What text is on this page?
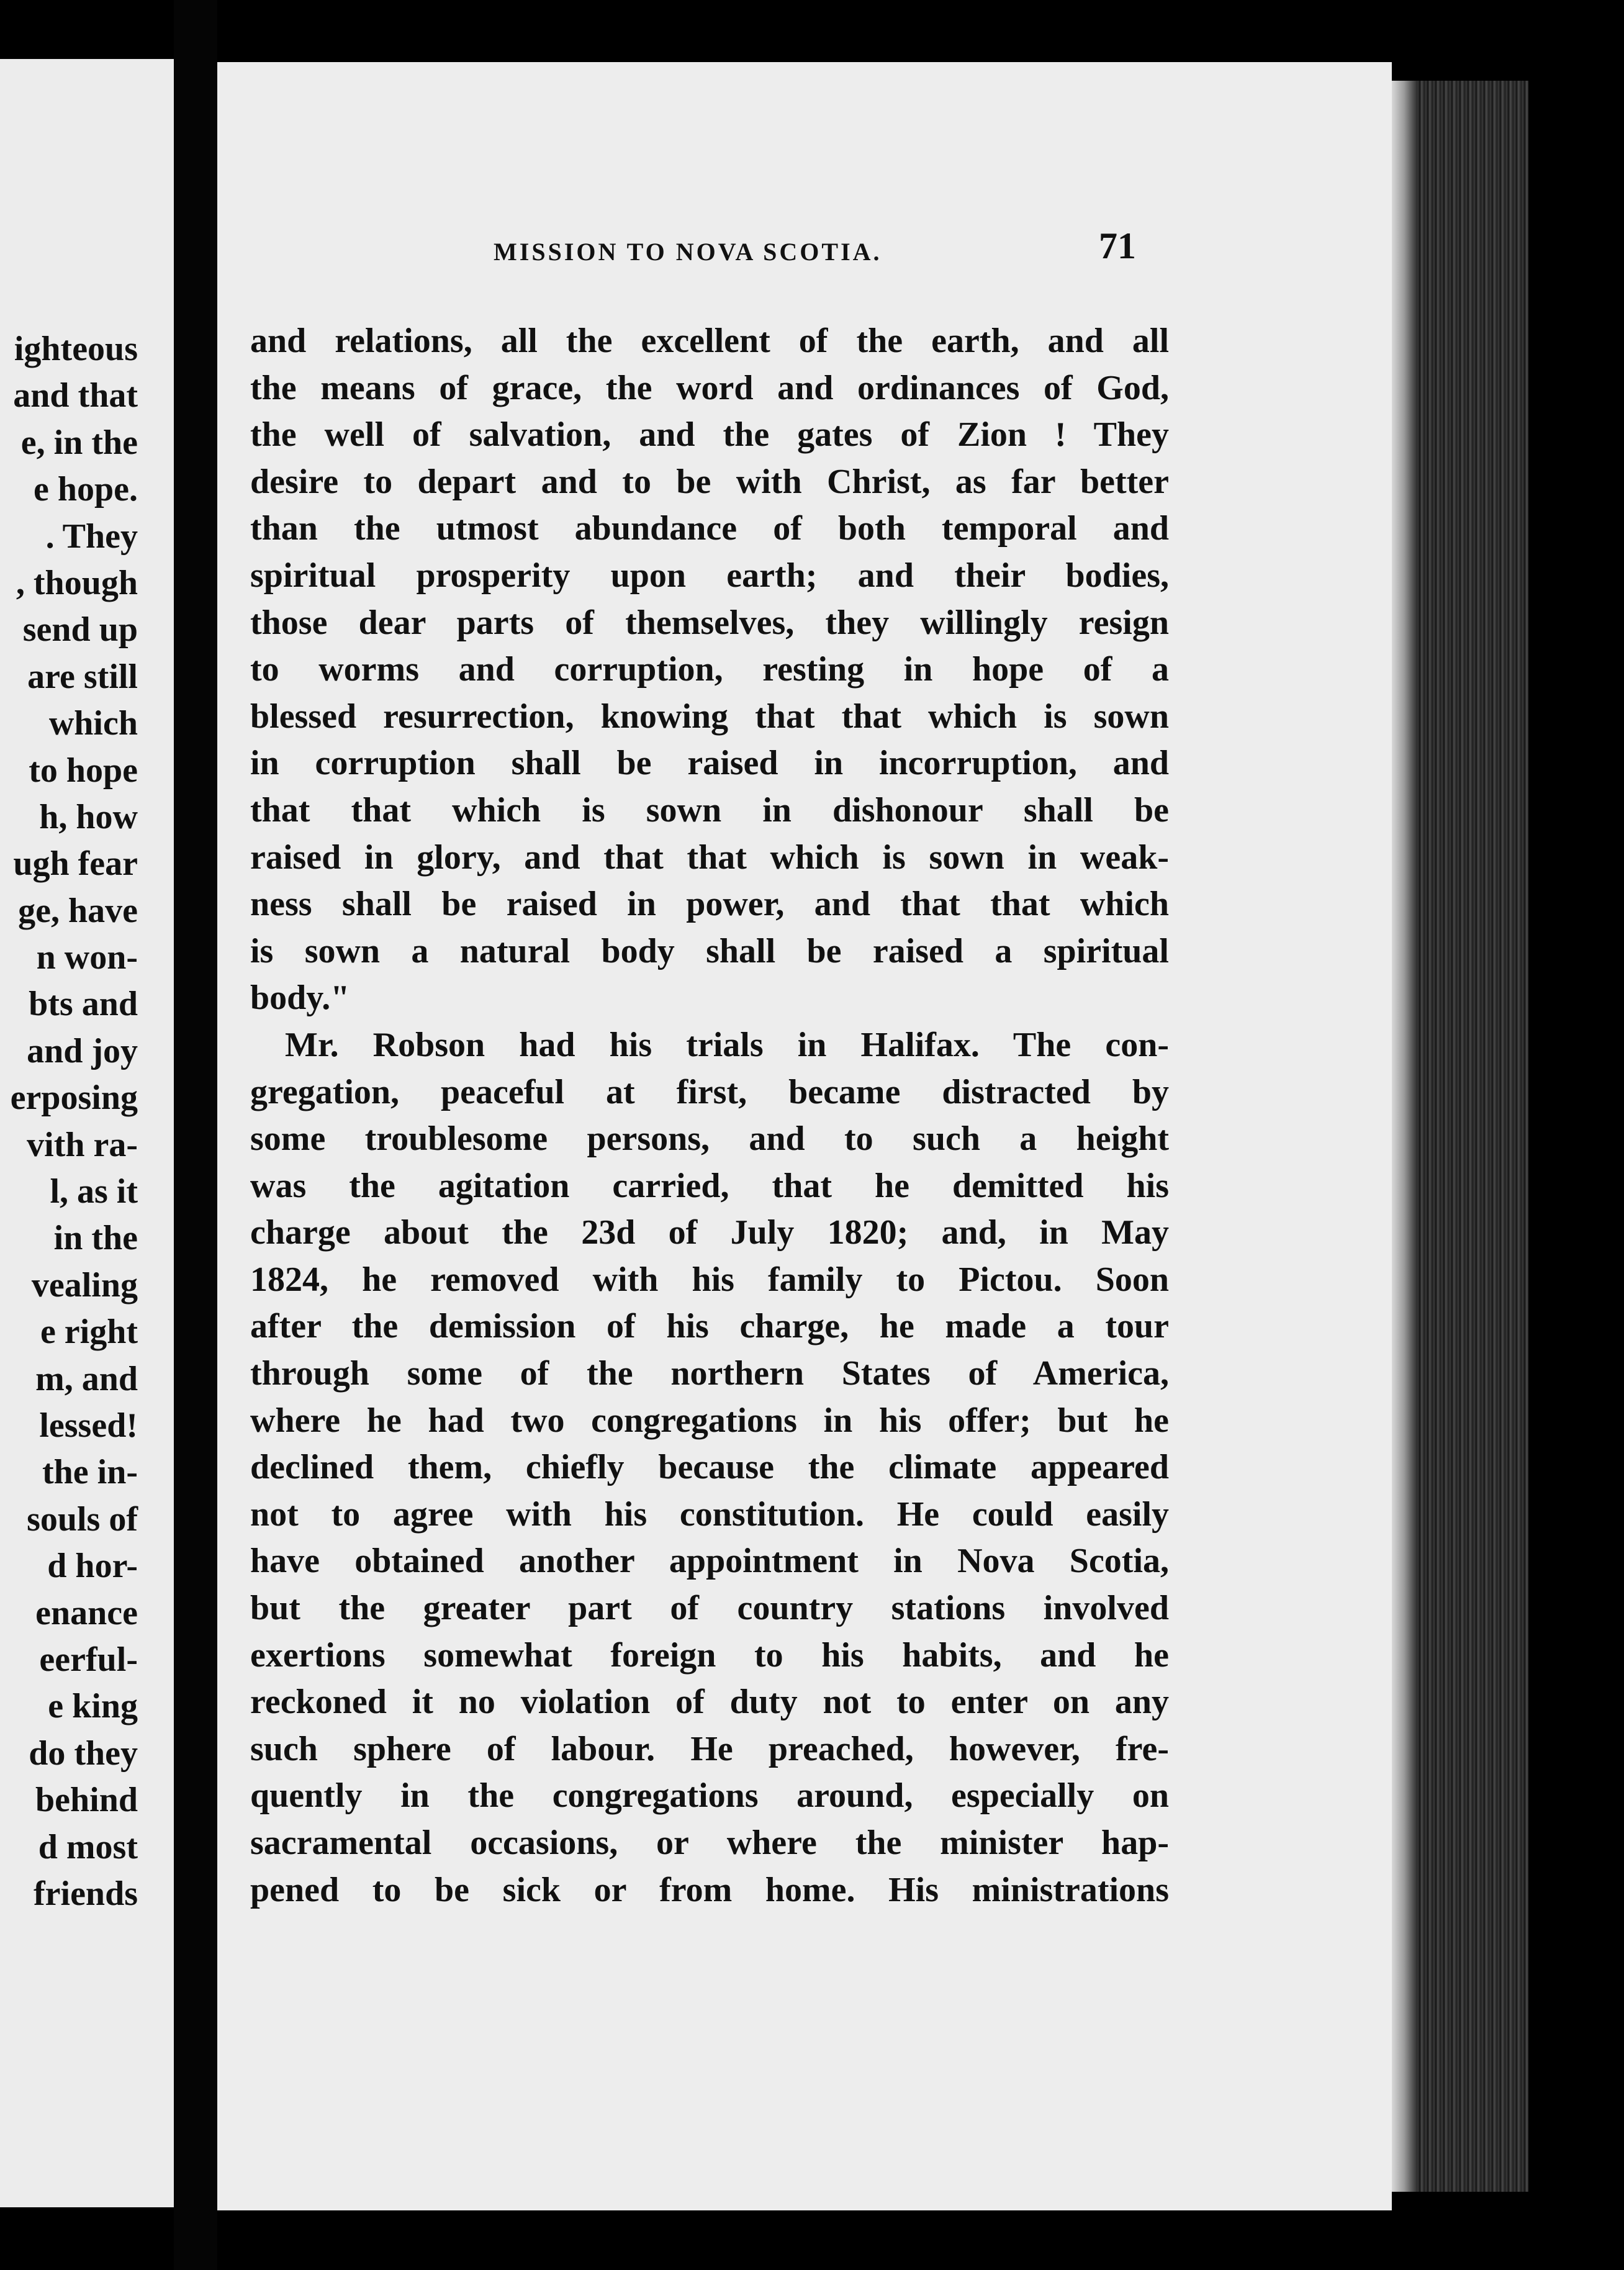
ighteous
and that
e, in the
e hope.
. They
, though
send up
are still
which
to hope
h, how
ugh fear
ge, have
n won-
bts and
and joy
erposing
vith ra-
l, as it
in the
vealing
e right
m, and
lessed!
the in-
souls of
d hor-
enance
eerful-
e king
do they
behind
d most
friends
MISSION TO NOVA SCOTIA.	71
and relations, all the excellent of the earth, and all
the means of grace, the word and ordinances of God,
the well of salvation, and the gates of Zion ! They
desire to depart and to be with Christ, as far better
than the utmost abundance of both temporal and
spiritual prosperity upon earth; and their bodies,
those dear parts of themselves, they willingly resign
to worms and corruption, resting in hope of a
blessed resurrection, knowing that that which is sown
in corruption shall be raised in incorruption, and
that that which is sown in dishonour shall be
raised in glory, and that that which is sown in weak-
ness shall be raised in power, and that that which
is sown a natural body shall be raised a spiritual
body."
Mr. Robson had his trials in Halifax. The con-
gregation, peaceful at first, became distracted by
some troublesome persons, and to such a height
was the agitation carried, that he demitted his
charge about the 23d of July 1820; and, in May
1824, he removed with his family to Pictou. Soon
after the demission of his charge, he made a tour
through some of the northern States of America,
where he had two congregations in his offer; but he
declined them, chiefly because the climate appeared
not to agree with his constitution. He could easily
have obtained another appointment in Nova Scotia,
but the greater part of country stations involved
exertions somewhat foreign to his habits, and he
reckoned it no violation of duty not to enter on any
such sphere of labour. He preached, however, fre-
quently in the congregations around, especially on
sacramental occasions, or where the minister hap-
pened to be sick or from home. His ministrations
